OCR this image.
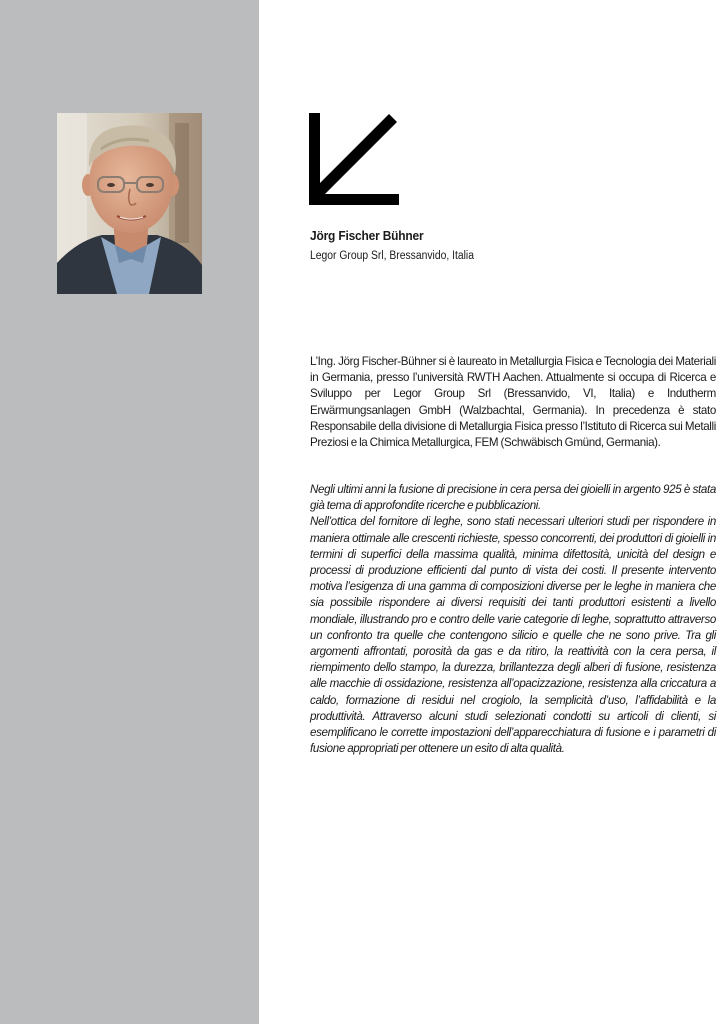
Jörg Fischer Bühner
Legor Group Srl, Bressanvido, Italia

L’Ing. Jörg Fischer-Bühner si è laureato in Metallurgia Fisica e Tecnologia dei Materiali in Germania, presso l’università RWTH Aachen. Attualmente si occupa di Ricerca e Sviluppo per Legor Group Srl (Bressanvido, VI, Italia) e Indutherm Erwärmungsanlagen GmbH (Walzbachtal, Germania). In precedenza è stato Responsabile della divisione di Metallurgia Fisica presso l’Istituto di Ricerca sui Metalli Preziosi e la Chimica Metallurgica, FEM (Schwäbisch Gmünd, Germania).

Negli ultimi anni la fusione di precisione in cera persa dei gioielli in argento 925 è stata già tema di approfondite ricerche e pubblicazioni.

Nell’ottica del fornitore di leghe, sono stati necessari ulteriori studi per rispondere in maniera ottimale alle crescenti richieste, spesso concorrenti, dei produttori di gioielli in termini di superfici della massima qualità, minima difettosità, unicità del design e processi di produzione efficienti dal punto di vista dei costi. Il presente intervento motiva l’esigenza di una gamma di composizioni diverse per le leghe in maniera che sia possibile rispondere ai diversi requisiti dei tanti produttori esistenti a livello mondiale, illustrando pro e contro delle varie categorie di leghe, soprattutto attraverso un confronto tra quelle che contengono silicio e quelle che ne sono prive. Tra gli argomenti affrontati, porosità da gas e da ritiro, la reattività con la cera persa, il riempimento dello stampo, la durezza, brillantezza degli alberi di fusione, resistenza alle macchie di ossidazione, resistenza all’opacizzazione, resistenza alla criccatura a caldo, formazione di residui nel crogiolo, la semplicità d’uso, l’affidabilità e la produttività. Attraverso alcuni studi selezionati condotti su articoli di clienti, si esemplificano le corrette impostazioni dell’apparecchiatura di fusione e i parametri di fusione appropriati per ottenere un esito di alta qualità.
